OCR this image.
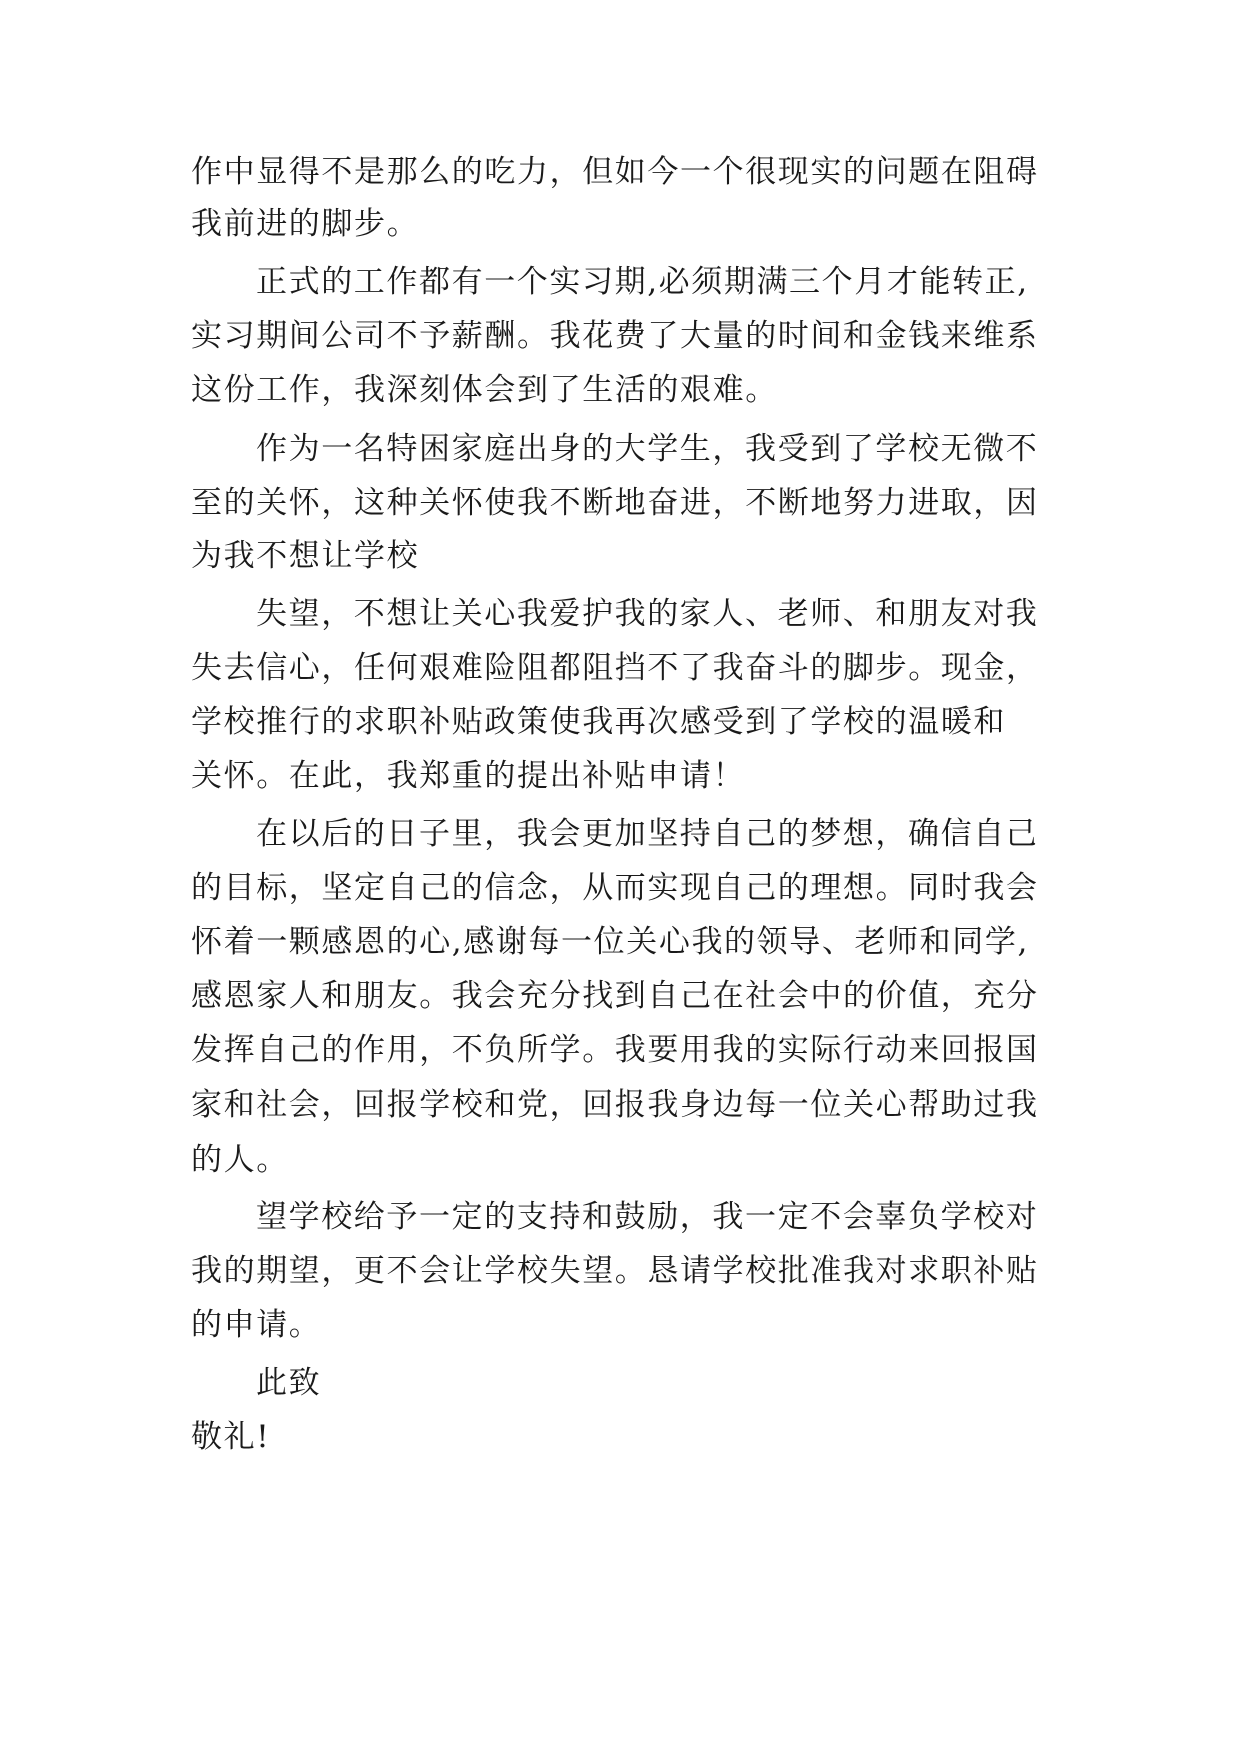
作中显得不是那么的吃力，但如今一个很现实的问题在阻碍
我前进的脚步。
正式的工作都有一个实习期,必须期满三个月才能转正,
实习期间公司不予薪酬。我花费了大量的时间和金钱来维系
这份工作，我深刻体会到了生活的艰难。
作为一名特困家庭出身的大学生，我受到了学校无微不
至的关怀，这种关怀使我不断地奋进，不断地努力进取，因
为我不想让学校
失望，不想让关心我爱护我的家人、老师、和朋友对我
失去信心，任何艰难险阻都阻挡不了我奋斗的脚步。现金，
学校推行的求职补贴政策使我再次感受到了学校的温暖和
关怀。在此，我郑重的提出补贴申请！
在以后的日子里，我会更加坚持自己的梦想，确信自己
的目标，坚定自己的信念，从而实现自己的理想。同时我会
怀着一颗感恩的心,感谢每一位关心我的领导、老师和同学,
感恩家人和朋友。我会充分找到自己在社会中的价值，充分
发挥自己的作用，不负所学。我要用我的实际行动来回报国
家和社会，回报学校和党，回报我身边每一位关心帮助过我
的人。
望学校给予一定的支持和鼓励，我一定不会辜负学校对
我的期望，更不会让学校失望。恳请学校批准我对求职补贴
的申请。
此致
敬礼!
